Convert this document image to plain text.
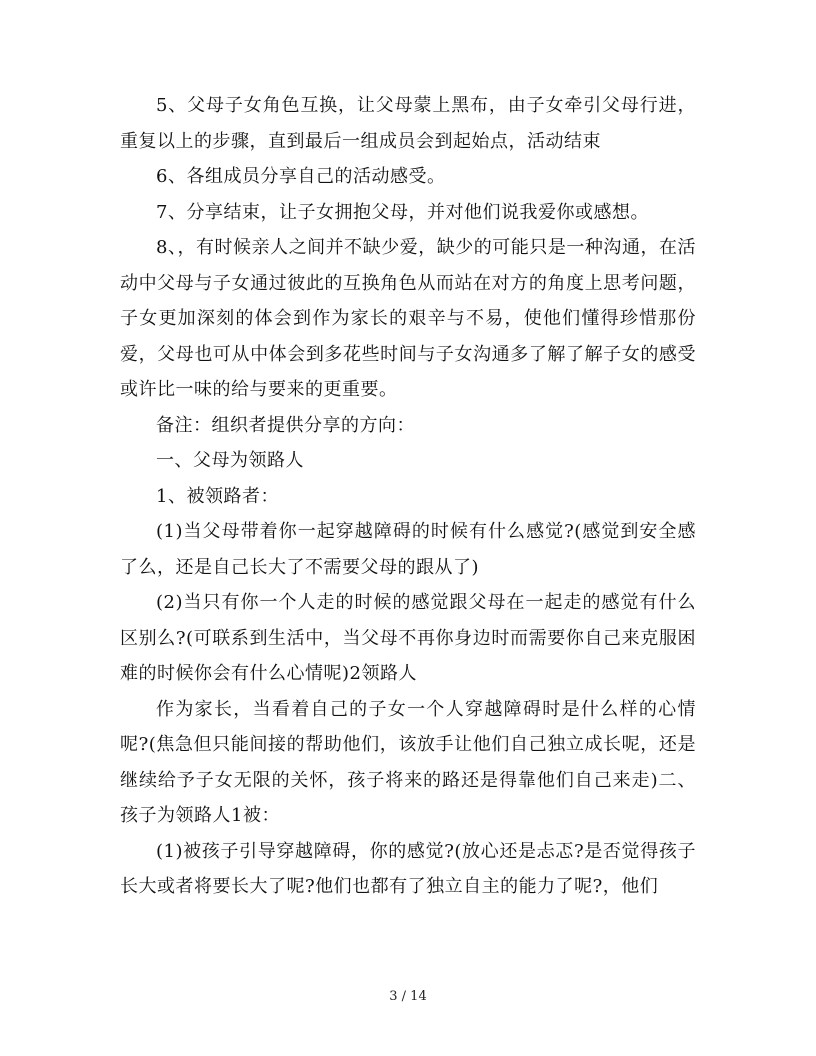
5、父母子女角色互换，让父母蒙上黑布，由子女牵引父母行进，重复以上的步骤，直到最后一组成员会到起始点，活动结束

6、各组成员分享自己的活动感受。

7、分享结束，让子女拥抱父母，并对他们说我爱你或感想。

8、，有时候亲人之间并不缺少爱，缺少的可能只是一种沟通，在活动中父母与子女通过彼此的互换角色从而站在对方的角度上思考问题，子女更加深刻的体会到作为家长的艰辛与不易，使他们懂得珍惜那份爱，父母也可从中体会到多花些时间与子女沟通多了解了解子女的感受或许比一味的给与要来的更重要。

备注：组织者提供分享的方向：

一、父母为领路人

1、被领路者：

(1)当父母带着你一起穿越障碍的时候有什么感觉?(感觉到安全感了么，还是自己长大了不需要父母的跟从了)

(2)当只有你一个人走的时候的感觉跟父母在一起走的感觉有什么区别么?(可联系到生活中，当父母不再你身边时而需要你自己来克服困难的时候你会有什么心情呢)2领路人

作为家长，当看着自己的子女一个人穿越障碍时是什么样的心情呢?(焦急但只能间接的帮助他们，该放手让他们自己独立成长呢，还是继续给予子女无限的关怀，孩子将来的路还是得靠他们自己来走)二、孩子为领路人1被：

(1)被孩子引导穿越障碍，你的感觉?(放心还是忐忑?是否觉得孩子长大或者将要长大了呢?他们也都有了独立自主的能力了呢?，他们

3 / 14
